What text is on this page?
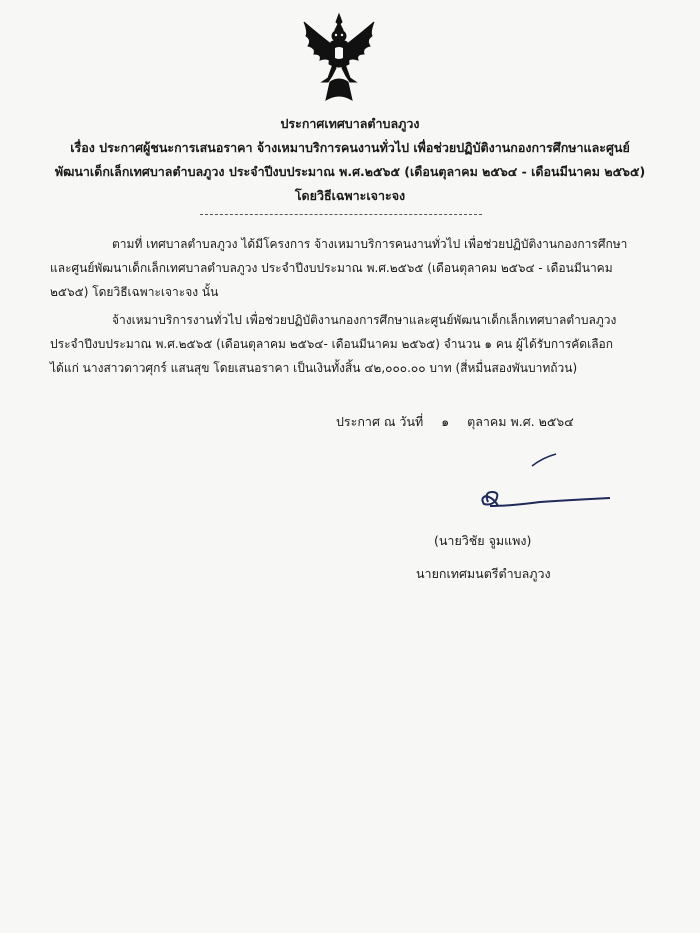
ประกาศเทศบาลตำบลภูวง
เรื่อง ประกาศผู้ชนะการเสนอราคา จ้างเหมาบริการคนงานทั่วไป เพื่อช่วยปฏิบัติงานกองการศึกษาและศูนย์
พัฒนาเด็กเล็กเทศบาลตำบลภูวง ประจำปีงบประมาณ พ.ศ.๒๕๖๕ (เดือนตุลาคม ๒๕๖๔ - เดือนมีนาคม ๒๕๖๕)
โดยวิธีเฉพาะเจาะจง
ตามที่ เทศบาลตำบลภูวง ได้มีโครงการ จ้างเหมาบริการคนงานทั่วไป เพื่อช่วยปฏิบัติงานกองการศึกษา
และศูนย์พัฒนาเด็กเล็กเทศบาลตำบลภูวง ประจำปีงบประมาณ พ.ศ.๒๕๖๕ (เดือนตุลาคม ๒๕๖๔ - เดือนมีนาคม
๒๕๖๕) โดยวิธีเฉพาะเจาะจง นั้น
จ้างเหมาบริการงานทั่วไป เพื่อช่วยปฏิบัติงานกองการศึกษาและศูนย์พัฒนาเด็กเล็กเทศบาลตำบลภูวง
ประจำปีงบประมาณ พ.ศ.๒๕๖๕ (เดือนตุลาคม ๒๕๖๔- เดือนมีนาคม ๒๕๖๕) จำนวน ๑ คน ผู้ได้รับการคัดเลือก
ได้แก่ นางสาวดาวศุกร์ แสนสุข โดยเสนอราคา เป็นเงินทั้งสิ้น ๔๒,๐๐๐.๐๐ บาท (สี่หมื่นสองพันบาทถ้วน)
ประกาศ ณ วันที่ ๑ ตุลาคม พ.ศ. ๒๕๖๔
(นายวิชัย จูมแพง)
นายกเทศมนตรีตำบลภูวง
